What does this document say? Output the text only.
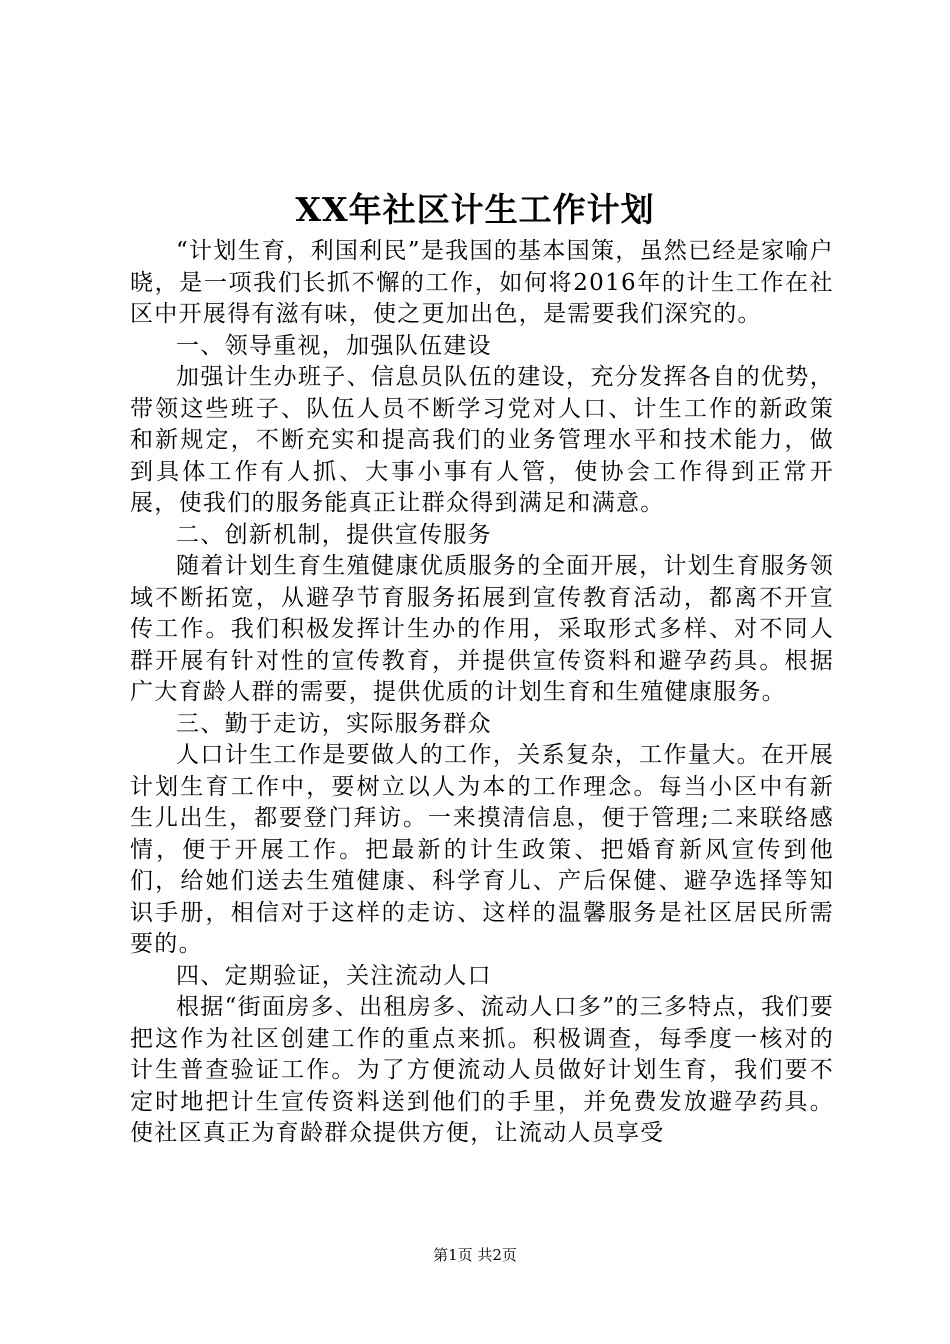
XX年社区计生工作计划

“计划生育，利国利民”是我国的基本国策，虽然已经是家喻户晓，是一项我们长抓不懈的工作，如何将2016年的计生工作在社区中开展得有滋有味，使之更加出色，是需要我们深究的。

一、领导重视，加强队伍建设

加强计生办班子、信息员队伍的建设，充分发挥各自的优势，带领这些班子、队伍人员不断学习党对人口、计生工作的新政策和新规定，不断充实和提高我们的业务管理水平和技术能力，做到具体工作有人抓、大事小事有人管，使协会工作得到正常开展，使我们的服务能真正让群众得到满足和满意。

二、创新机制，提供宣传服务

随着计划生育生殖健康优质服务的全面开展，计划生育服务领域不断拓宽，从避孕节育服务拓展到宣传教育活动，都离不开宣传工作。我们积极发挥计生办的作用，采取形式多样、对不同人群开展有针对性的宣传教育，并提供宣传资料和避孕药具。根据广大育龄人群的需要，提供优质的计划生育和生殖健康服务。

三、勤于走访，实际服务群众

人口计生工作是要做人的工作，关系复杂，工作量大。在开展计划生育工作中，要树立以人为本的工作理念。每当小区中有新生儿出生，都要登门拜访。一来摸清信息，便于管理;二来联络感情，便于开展工作。把最新的计生政策、把婚育新风宣传到他们，给她们送去生殖健康、科学育儿、产后保健、避孕选择等知识手册，相信对于这样的走访、这样的温馨服务是社区居民所需要的。

四、定期验证，关注流动人口

根据“街面房多、出租房多、流动人口多”的三多特点，我们要把这作为社区创建工作的重点来抓。积极调查，每季度一核对的计生普查验证工作。为了方便流动人员做好计划生育，我们要不定时地把计生宣传资料送到他们的手里，并免费发放避孕药具。使社区真正为育龄群众提供方便，让流动人员享受

第1页 共2页
